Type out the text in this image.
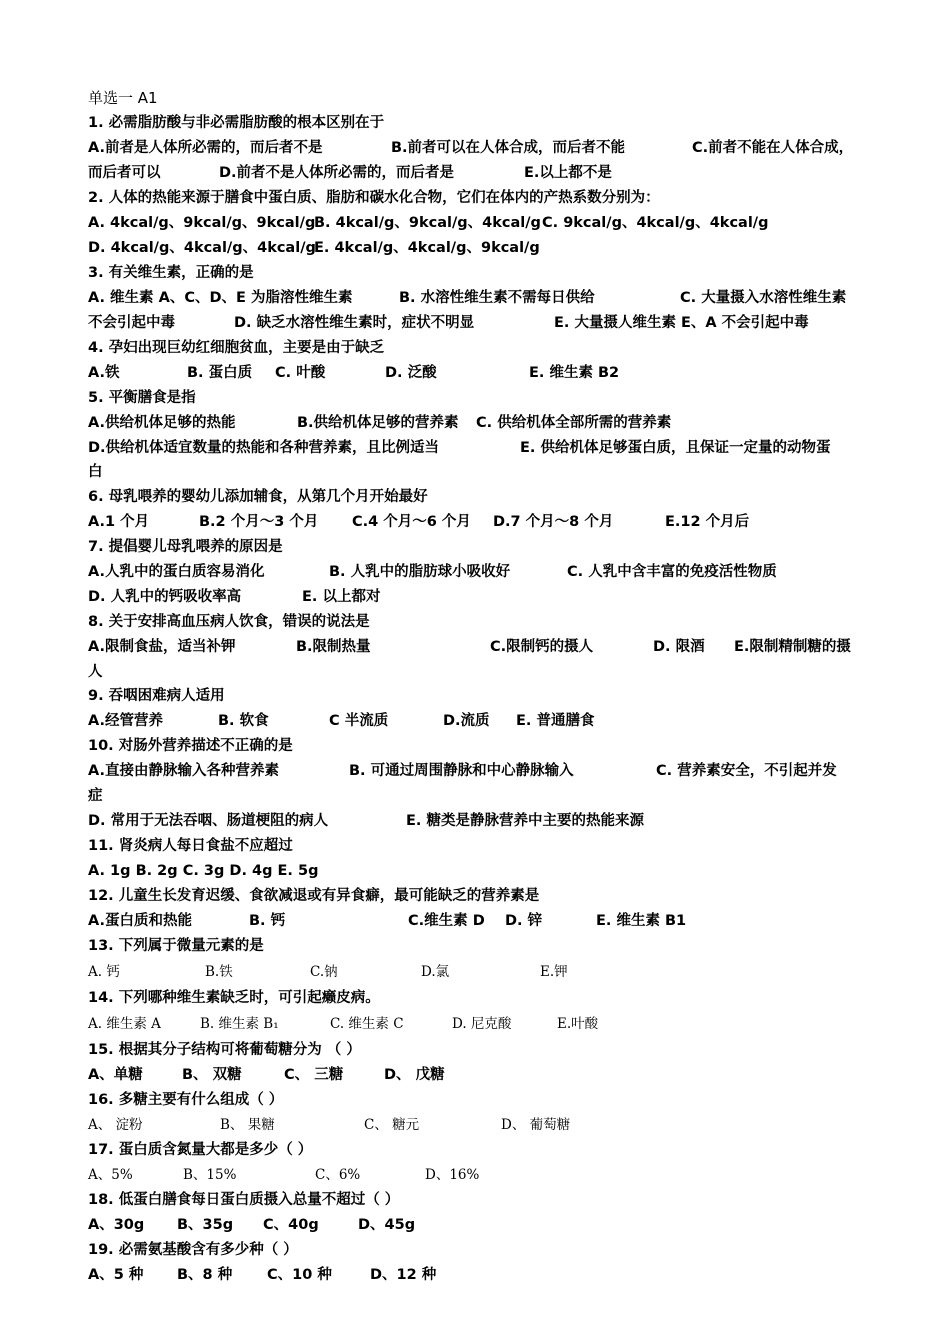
单选一 A1
1. 必需脂肪酸与非必需脂肪酸的根本区别在于
A.前者是人体所必需的，而后者不是	B.前者可以在人体合成，而后者不能	C.前者不能在人体合成，
而后者可以	D.前者不是人体所必需的，而后者是	E.以上都不是
2. 人体的热能来源于膳食中蛋白质、脂肪和碳水化合物，它们在体内的产热系数分别为：
A. 4kcal/g、9kcal/g、9kcal/g
B. 4kcal/g、9kcal/g、4kcal/g C. 9kcal/g、4kcal/g、4kcal/g
D. 4kcal/g、4kcal/g、4kcal/g
E. 4kcal/g、4kcal/g、9kcal/g
3. 有关维生素，正确的是
A. 维生素 A、C、D、E 为脂溶性维生素	B. 水溶性维生素不需每日供给	C. 大量摄入水溶性维生素
不会引起中毒	D. 缺乏水溶性维生素时，症状不明显	E. 大量摄人维生素 E、A 不会引起中毒
4. 孕妇出现巨幼红细胞贫血，主要是由于缺乏
A.铁	B. 蛋白质 C. 叶酸	D. 泛酸	E. 维生素 B2
5. 平衡膳食是指
A.供给机体足够的热能	B.供给机体足够的营养素 C. 供给机体全部所需的营养素
D.供给机体适宜数量的热能和各种营养素，且比例适当	E. 供给机体足够蛋白质，且保证一定量的动物蛋
白
6. 母乳喂养的婴幼儿添加辅食，从第几个月开始最好
A.1 个月	B.2 个月～3 个月 C.4 个月～6 个月 D.7 个月～8 个月	E.12 个月后
7. 提倡婴儿母乳喂养的原因是
A.人乳中的蛋白质容易消化	B. 人乳中的脂肪球小吸收好	C. 人乳中含丰富的免疫活性物质
D. 人乳中的钙吸收率高	E. 以上都对
8. 关于安排高血压病人饮食，错误的说法是
A.限制食盐，适当补钾	B.限制热量	C.限制钙的摄人	D. 限酒 E.限制精制糖的摄
人
9. 吞咽困难病人适用
A.经管营养	B. 软食	C 半流质	D.流质 E. 普通膳食
10. 对肠外营养描述不正确的是
A.直接由静脉输入各种营养素	B. 可通过周围静脉和中心静脉输入	C. 营养素安全，不引起并发
症
D. 常用于无法吞咽、肠道梗阻的病人	E. 糖类是静脉营养中主要的热能来源
11. 肾炎病人每日食盐不应超过
A. 1g B. 2g C. 3g D. 4g E. 5g
12. 儿童生长发育迟缓、食欲减退或有异食癖，最可能缺乏的营养素是
A.蛋白质和热能	B. 钙	C.维生素 D D. 锌	E. 维生素 B1
13. 下列属于微量元素的是
A. 钙	B.铁	C.钠	D.氯	E.钾
14. 下列哪种维生素缺乏时，可引起癞皮病。
A. 维生素 A	B. 维生素 B₁	C. 维生素 C	D. 尼克酸	E.叶酸
15. 根据其分子结构可将葡萄糖分为 （ ）
A、单糖	B、 双糖	C、 三糖	D、 戊糖
16. 多糖主要有什么组成（ ）
A、 淀粉	B、 果糖	C、 糖元	D、 葡萄糖
17. 蛋白质含氮量大都是多少（ ）
A、5%	B、15%	C、6%	D、16%
18. 低蛋白膳食每日蛋白质摄入总量不超过（ ）
A、30g B、35g C、40g	D、45g
19. 必需氨基酸含有多少种（ ）
A、5 种 B、8 种 C、10 种	D、12 种
